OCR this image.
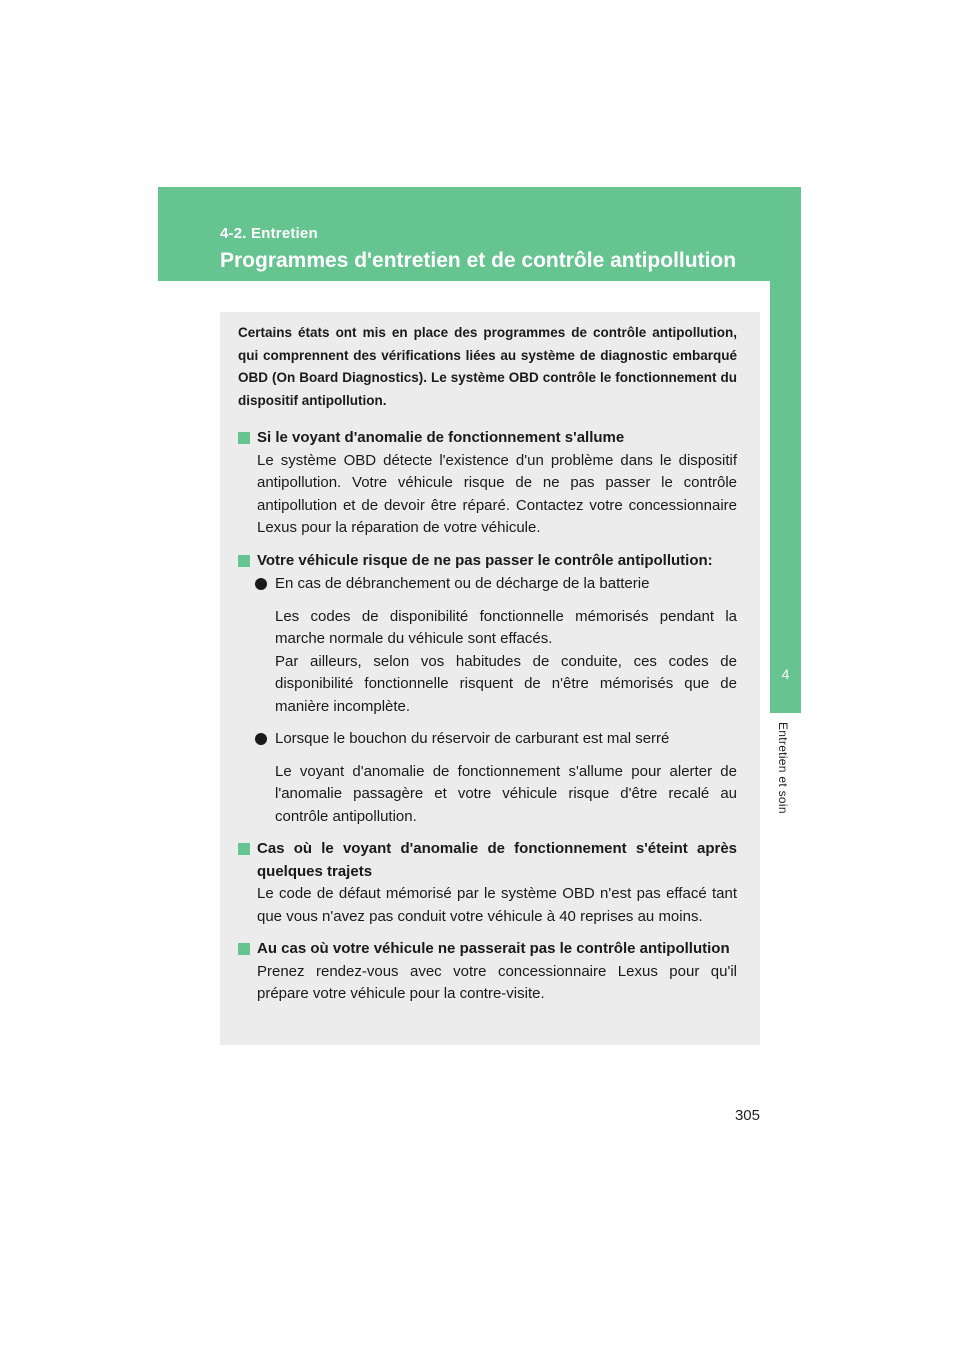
4-2. Entretien
Programmes d'entretien et de contrôle antipollution
4
Entretien et soin

Certains états ont mis en place des programmes de contrôle antipollution, qui comprennent des vérifications liées au système de diagnostic embarqué OBD (On Board Diagnostics). Le système OBD contrôle le fonctionnement du dispositif antipollution.

Si le voyant d'anomalie de fonctionnement s'allume

Le système OBD détecte l'existence d'un problème dans le dispositif antipollution. Votre véhicule risque de ne pas passer le contrôle antipollution et de devoir être réparé. Contactez votre concessionnaire Lexus pour la réparation de votre véhicule.

Votre véhicule risque de ne pas passer le contrôle antipollution:

En cas de débranchement ou de décharge de la batterie

Les codes de disponibilité fonctionnelle mémorisés pendant la marche normale du véhicule sont effacés.
Par ailleurs, selon vos habitudes de conduite, ces codes de disponibilité fonctionnelle risquent de n'être mémorisés que de manière incomplète.

Lorsque le bouchon du réservoir de carburant est mal serré

Le voyant d'anomalie de fonctionnement s'allume pour alerter de l'anomalie passagère et votre véhicule risque d'être recalé au contrôle antipollution.

Cas où le voyant d'anomalie de fonctionnement s'éteint après quelques trajets

Le code de défaut mémorisé par le système OBD n'est pas effacé tant que vous n'avez pas conduit votre véhicule à 40 reprises au moins.

Au cas où votre véhicule ne passerait pas le contrôle antipollution

Prenez rendez-vous avec votre concessionnaire Lexus pour qu'il prépare votre véhicule pour la contre-visite.

305
